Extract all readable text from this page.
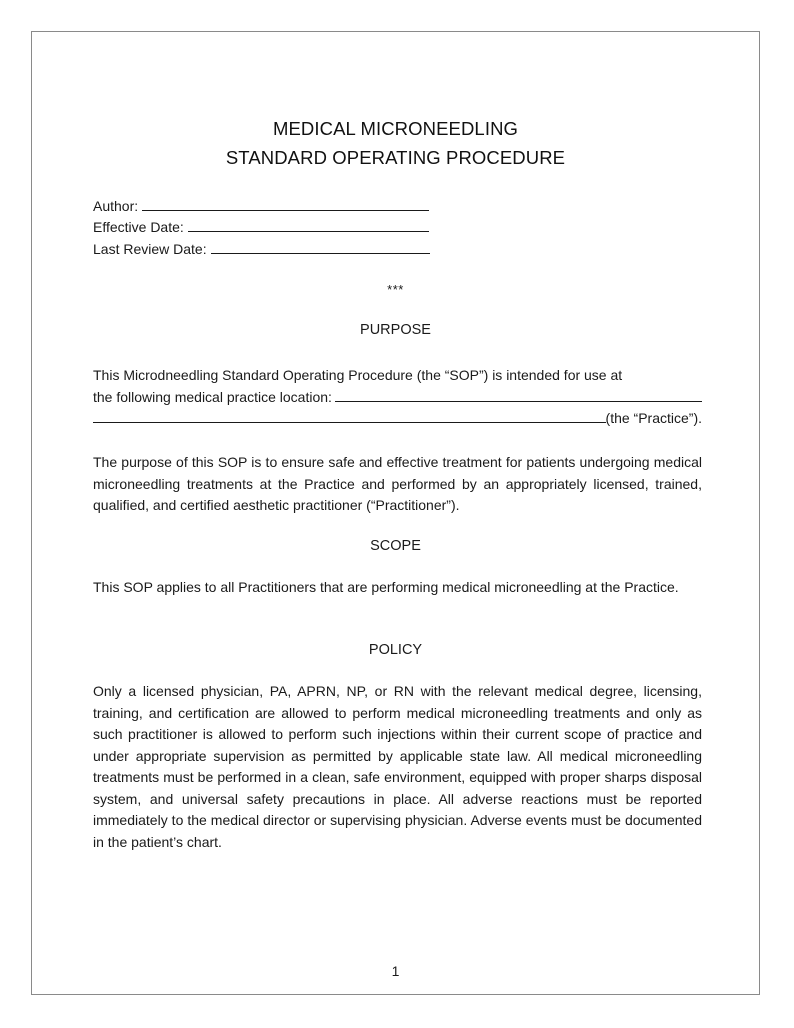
MEDICAL MICRONEEDLING
STANDARD OPERATING PROCEDURE
Author:
Effective Date:
Last Review Date:
***
PURPOSE
This Microdneedling Standard Operating Procedure (the “SOP”) is intended for use at
the following medical practice location:
(the “Practice”).
The purpose of this SOP is to ensure safe and effective treatment for patients undergoing medical microneedling treatments at the Practice and performed by an appropriately licensed, trained, qualified, and certified aesthetic practitioner (“Practitioner”).
SCOPE
This SOP applies to all Practitioners that are performing medical microneedling at the Practice.
POLICY
Only a licensed physician, PA, APRN, NP, or RN with the relevant medical degree, licensing, training, and certification are allowed to perform medical microneedling treatments and only as such practitioner is allowed to perform such injections within their current scope of practice and under appropriate supervision as permitted by applicable state law. All medical microneedling treatments must be performed in a clean, safe environment, equipped with proper sharps disposal system, and universal safety precautions in place. All adverse reactions must be reported immediately to the medical director or supervising physician. Adverse events must be documented in the patient’s chart.
1
